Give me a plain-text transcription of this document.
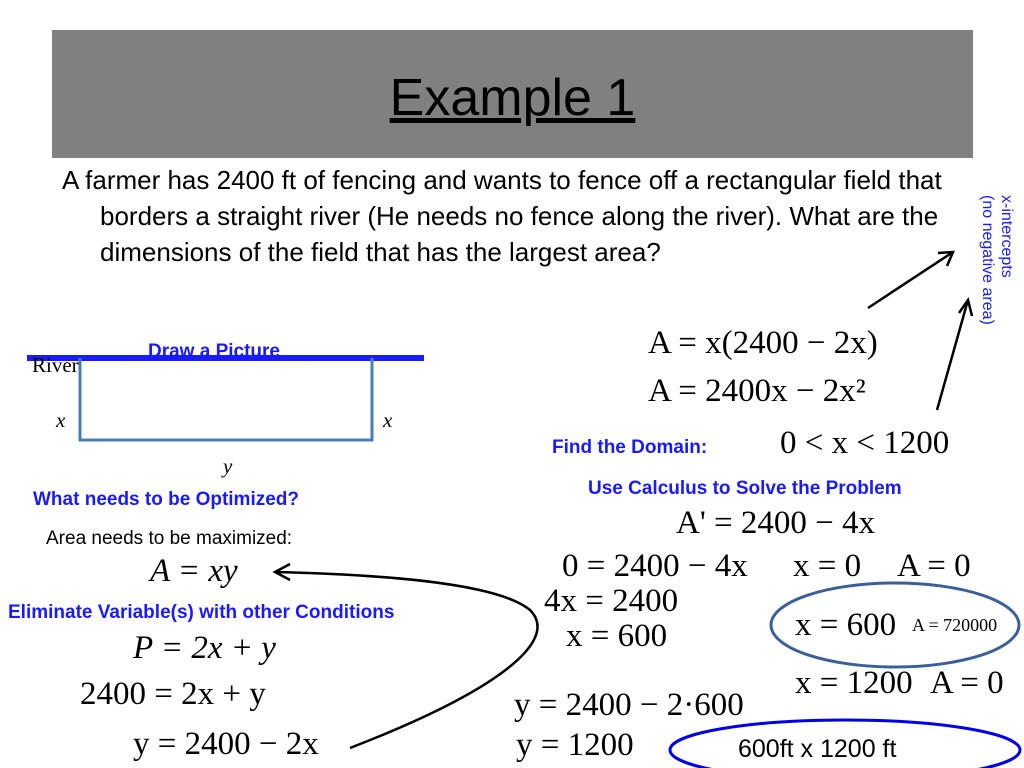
Example 1
A farmer has 2400 ft of fencing and wants to fence off a rectangular field that borders a straight river (He needs no fence along the river). What are the dimensions of the field that has the largest area?	x-intercepts
(no negative area)
Draw a Picture
River
x	x
y
What needs to be Optimized?
Area needs to be maximized:
A = xy
Eliminate Variable(s) with other Conditions
P = 2x + y
2400 = 2x + y
y = 2400 − 2x
A = x(2400 − 2x)
A = 2400x − 2x²
Find the Domain: 0 < x < 1200
Use Calculus to Solve the Problem
A' = 2400 − 4x
0 = 2400 − 4x x = 0 A = 0
4x = 2400
x = 600	x = 600 A = 720000
x = 1200 A = 0
y = 2400 − 2·600
y = 1200	600ft x 1200 ft
